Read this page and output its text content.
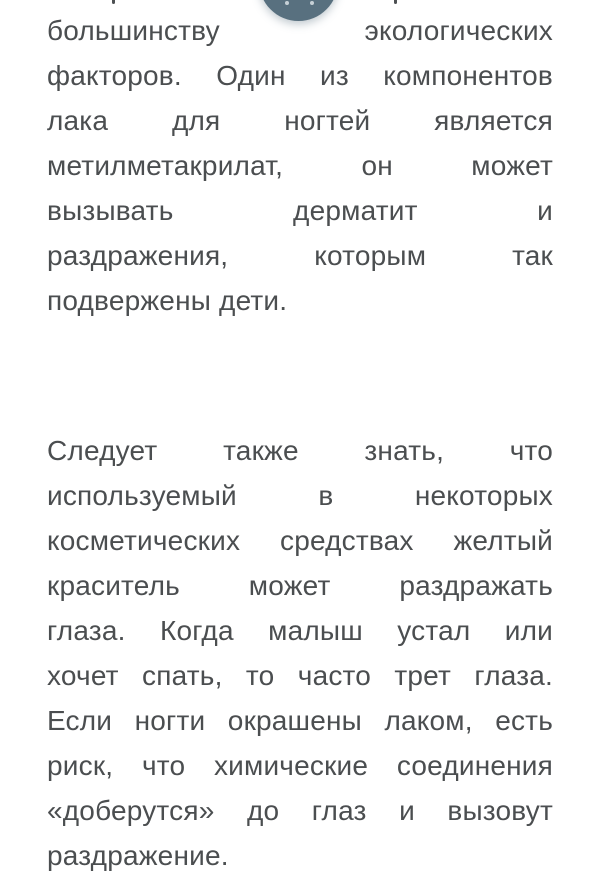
большинству экологических
факторов. Один из компонентов
лака для ногтей является
метилметакрилат, он может
вызывать дерматит и
раздражения, которым так
подвержены дети.
Следует также знать, что
используемый в некоторых
косметических средствах желтый
краситель может раздражать
глаза. Когда малыш устал или
хочет спать, то часто трет глаза.
Если ногти окрашены лаком, есть
риск, что химические соединения
«доберутся» до глаз и вызовут
раздражение.
